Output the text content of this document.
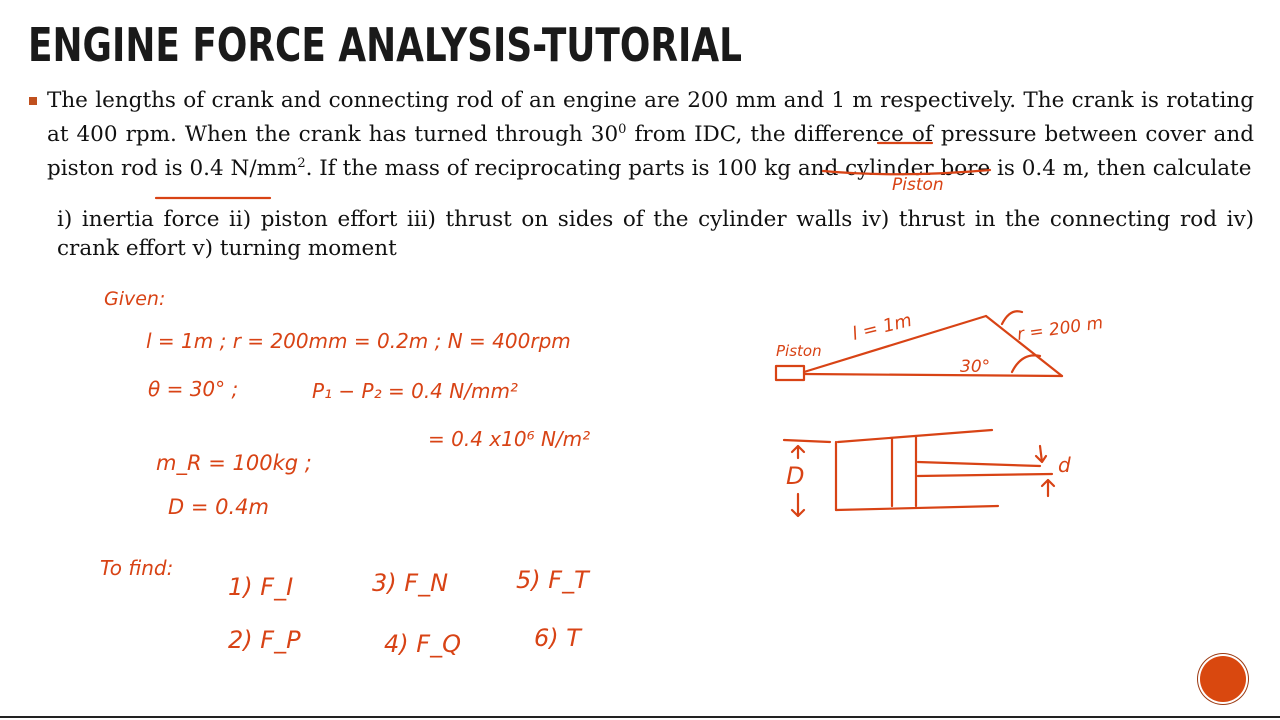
ENGINE FORCE ANALYSIS-TUTORIAL
The lengths of crank and connecting rod of an engine are 200 mm and 1 m respectively. The crank is rotating at 400 rpm. When the crank has turned through $30^0$ from IDC, the difference of pressure between cover and piston rod is 0.4 $N/mm^2$. If the mass of reciprocating parts is 100 kg and cylinder bore is 0.4 m, then calculate
i) inertia force ii) piston effort iii) thrust on sides of the cylinder walls iv) thrust in the connecting rod iv) crank effort v) turning moment
Piston
Given:
l = 1m ; r = 200mm = 0.2m ; N = 400rpm
θ = 30° ;	P₁ − P₂ = 0.4 N/mm²
= 0.4 x10⁶ N/m²
m_R = 100kg ;
D = 0.4m
To find:
1) F_I	3) F_N	5) F_T
2) F_P	4) F_Q	6) T
Piston
l = 1m	r = 200 m
30°
D	d
